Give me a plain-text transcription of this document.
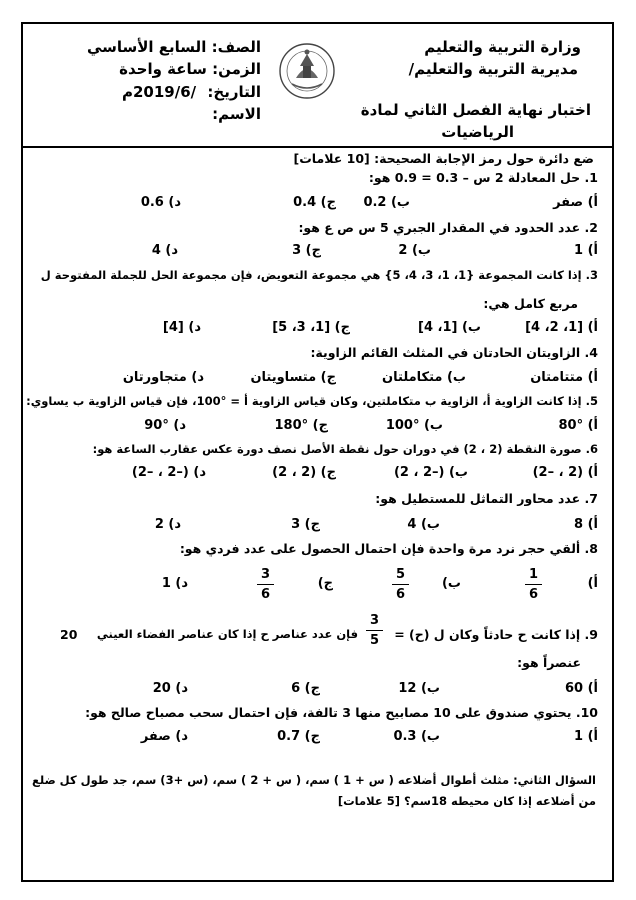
وزارة التربية والتعليم
مديرية التربية والتعليم/
اختبار نهاية الفصل الثاني لمادة
الرياضيات
الصف: السابع الأساسي
الزمن: ساعة واحدة
التاريخ: /2019/6م
الاسم:
ضع دائرة حول رمز الإجابة الصحيحة: [10 علامات]
1. حل المعادلة 2 س – 0.3 = 0.9 هو:
أ) صفر
ب) 0.2
ج) 0.4
د) 0.6
2. عدد الحدود في المقدار الجبري 5 س ص ع هو:
أ) 1
ب) 2
ج) 3
د) 4
3. إذا كانت المجموعة {1، 1، 3، 4، 5} هي مجموعة التعويض، فإن مجموعة الحل للجملة المفتوحة ل
مربع كامل هي:
أ) [1، 2، 4]
ب) [1، 4]
ج) [1، 3، 5]
د) [4]
4. الزاويتان الحادتان في المثلث القائم الزاوية:
أ) متتامتان
ب) متكاملتان
ج) متساويتان
د) متجاورتان
5. إذا كانت الزاوية أ، الزاوية ب متكاملتين، وكان قياس الزاوية أ = °100، فإن قياس الزاوية ب يساوي:
أ) °80
ب) °100
ج) °180
د) °90
6. صورة النقطة (2 ، 2) في دوران حول نقطة الأصل نصف دورة عكس عقارب الساعة هو:
أ) (2 ، –2)
ب) (–2 ، 2)
ج) (2 ، 2)
د) (–2 ، –2)
7. عدد محاور التماثل للمستطيل هو:
أ) 8
ب) 4
ج) 3
د) 2
8. ألقي حجر نرد مرة واحدة فإن احتمال الحصول على عدد فردي هو:
أ)
$\frac{1}{6}$
ب)
$\frac{5}{6}$
ج)
$\frac{3}{6}$
د) 1
9. إذا كانت ح حادثاً وكان ل (ح) =
$\frac{3}{5}$
فإن عدد عناصر ح إذا كان عناصر الفضاء العيني
20
عنصراً هو:
أ) 60
ب) 12
ج) 6
د) 20
10. يحتوي صندوق على 10 مصابيح منها 3 تالفة، فإن احتمال سحب مصباح صالح هو:
أ) 1
ب) 0.3
ج) 0.7
د) صفر
السؤال الثاني: مثلث أطوال أضلاعه ( س + 1 ) سم، ( س + 2 ) سم، (س +3) سم، جد طول كل ضلع
من أضلاعه إذا كان محيطه 18سم؟ [5 علامات]
